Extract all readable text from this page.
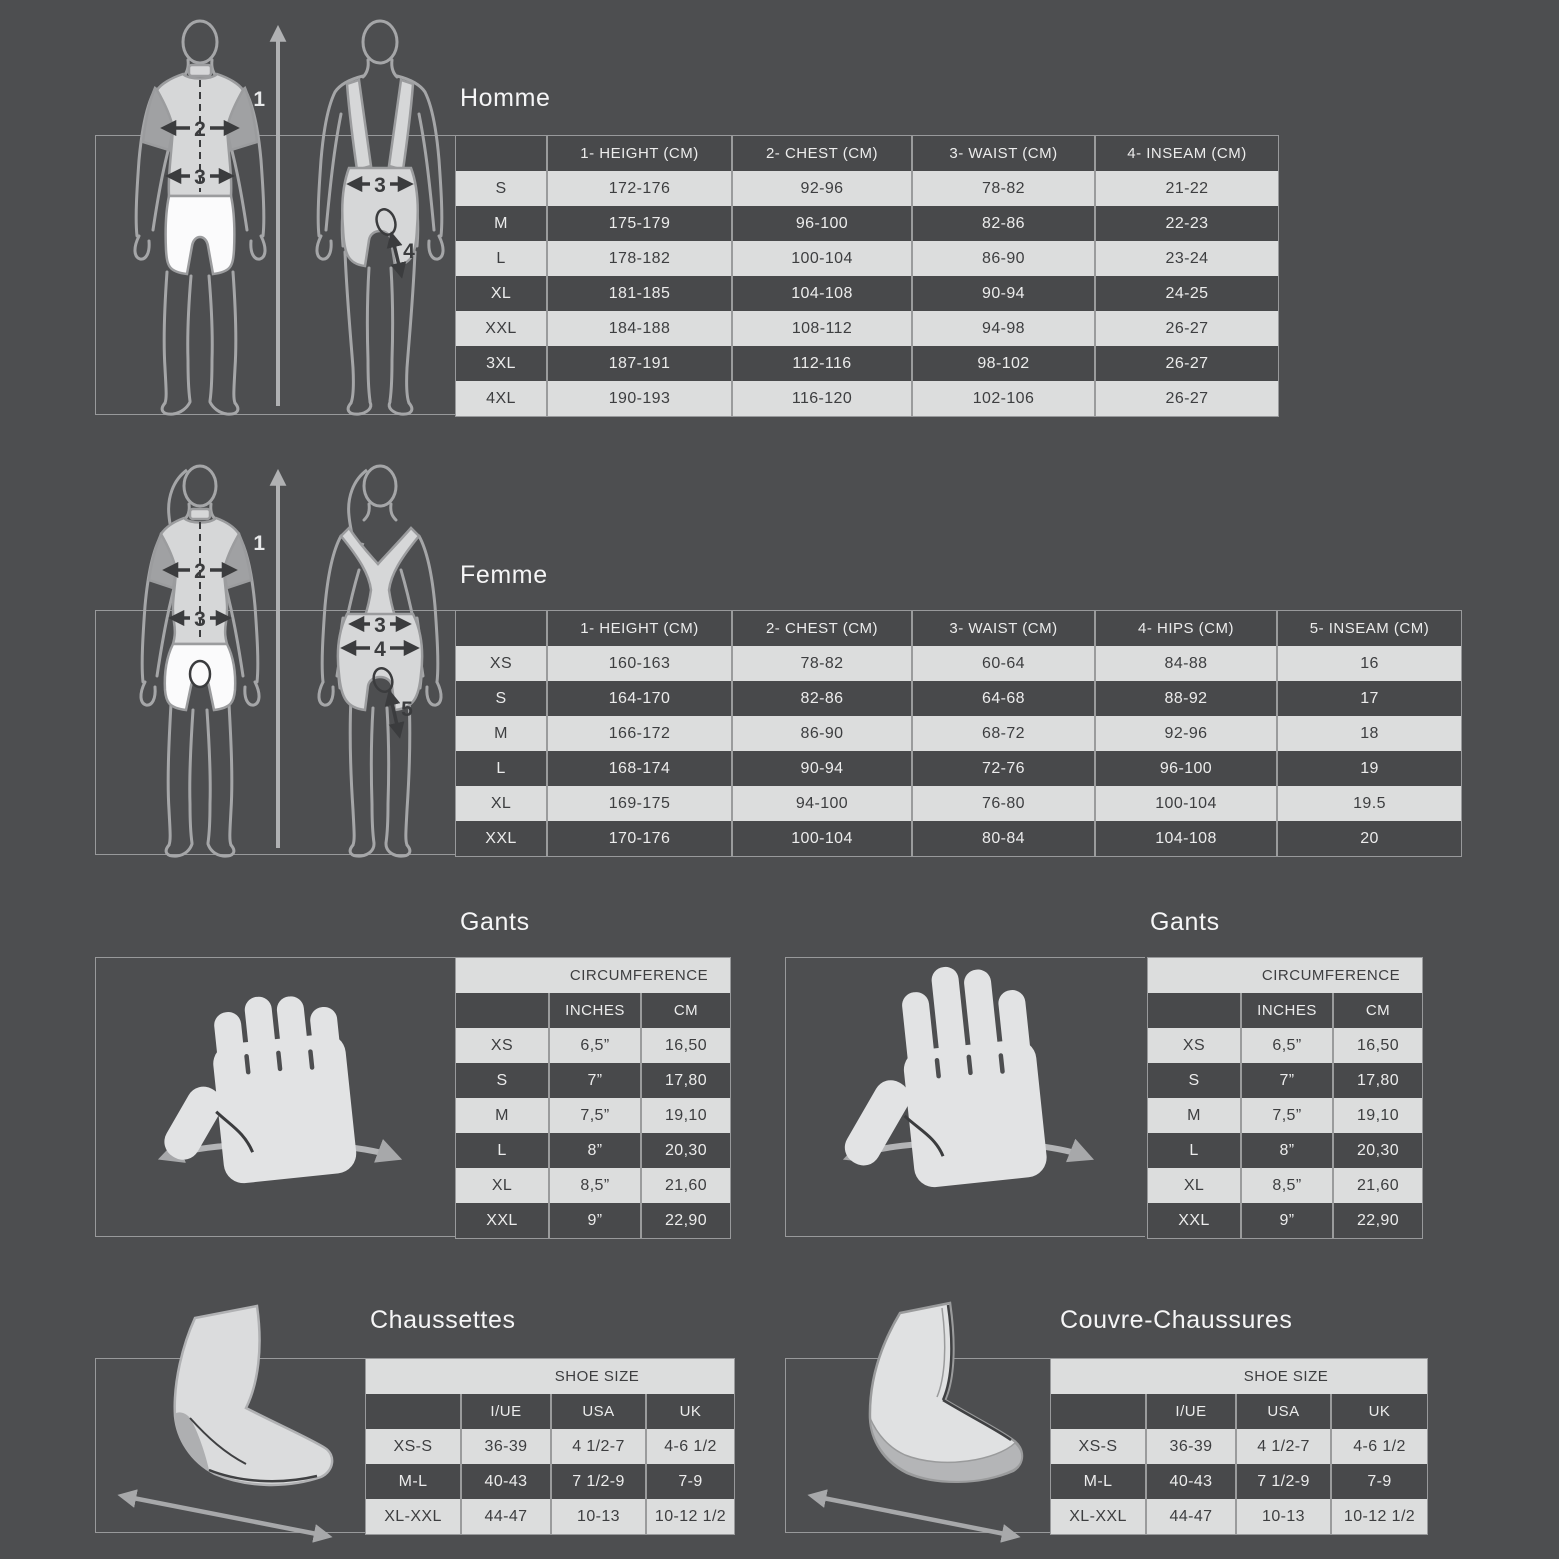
Homme
1
2
3	3
4
1- HEIGHT (CM)	2- CHEST (CM)	3- WAIST (CM)	4- INSEAM (CM)
S	172-176	92-96	78-82	21-22
M	175-179	96-100	82-86	22-23
L	178-182	100-104	86-90	23-24
XL	181-185	104-108	90-94	24-25
XXL	184-188	108-112	94-98	26-27
3XL	187-191	112-116	98-102	26-27
4XL	190-193	116-120	102-106	26-27
Femme
1
2
3	3
4
5
1- HEIGHT (CM)	2- CHEST (CM)	3- WAIST (CM)	4- HIPS (CM)	5- INSEAM (CM)
XS	160-163	78-82	60-64	84-88	16
S	164-170	82-86	64-68	88-92	17
M	166-172	86-90	68-72	92-96	18
L	168-174	90-94	72-76	96-100	19
XL	169-175	94-100	76-80	100-104	19.5
XXL	170-176	100-104	80-84	104-108	20
Gants
CIRCUMFERENCE
INCHES	CM
XS	6,5”	16,50
S	7”	17,80
M	7,5”	19,10
L	8”	20,30
XL	8,5”	21,60
XXL	9”	22,90
Gants
CIRCUMFERENCE
INCHES	CM
XS	6,5”	16,50
S	7”	17,80
M	7,5”	19,10
L	8”	20,30
XL	8,5”	21,60
XXL	9”	22,90
Chaussettes
SHOE SIZE
I/UE	USA	UK
XS-S	36-39	4 1/2-7	4-6 1/2
M-L	40-43	7 1/2-9	7-9
XL-XXL	44-47	10-13	10-12 1/2
Couvre-Chaussures
SHOE SIZE
I/UE	USA	UK
XS-S	36-39	4 1/2-7	4-6 1/2
M-L	40-43	7 1/2-9	7-9
XL-XXL	44-47	10-13	10-12 1/2
